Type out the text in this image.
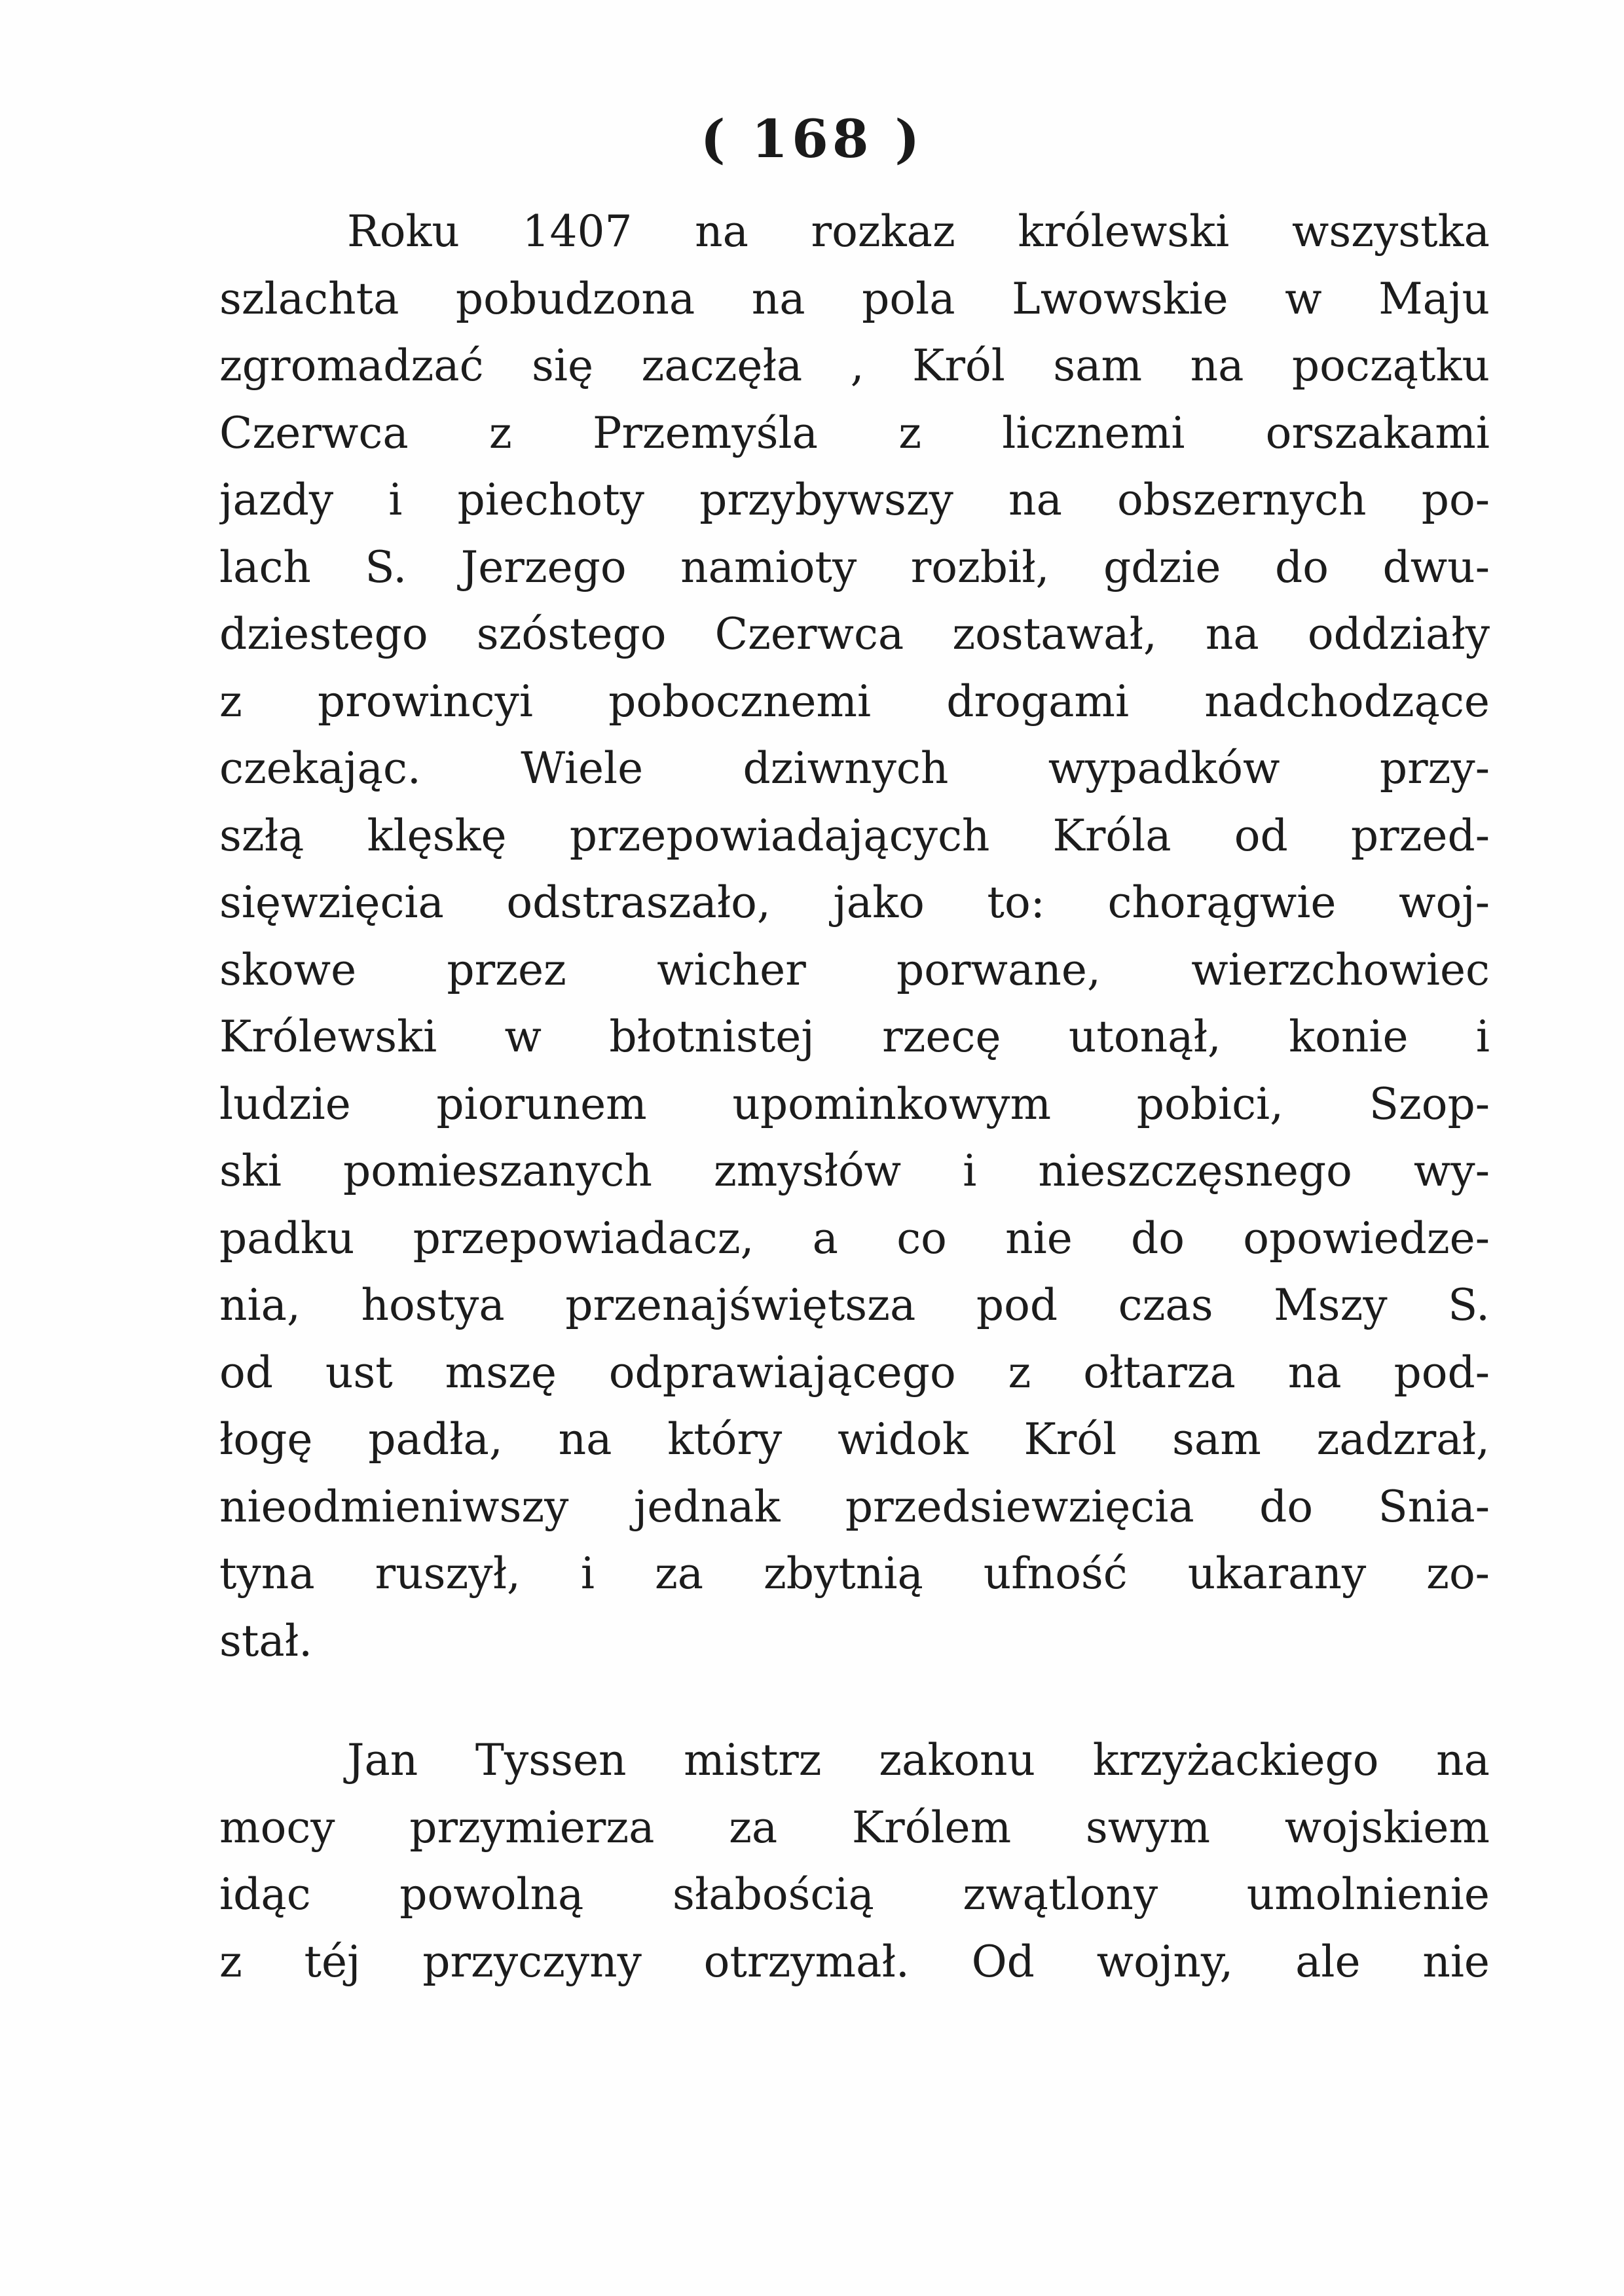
( 168 )
Roku 1407 na rozkaz królewski wszystka
szlachta pobudzona na pola Lwowskie w Maju
zgromadzać się zaczęła , Król sam na początku
Czerwca z Przemyśla z licznemi orszakami
jazdy i piechoty przybywszy na obszernych po-
lach S. Jerzego namioty rozbił, gdzie do dwu-
dziestego szóstego Czerwca zostawał, na oddziały
z prowincyi pobocznemi drogami nadchodzące
czekając. Wiele dziwnych wypadków przy-
szłą klęskę przepowiadających Króla od przed-
sięwzięcia odstraszało, jako to: chorągwie woj-
skowe przez wicher porwane, wierzchowiec
Królewski w błotnistej rzecę utonął, konie i
ludzie piorunem upominkowym pobici, Szop-
ski pomieszanych zmysłów i nieszczęsnego wy-
padku przepowiadacz, a co nie do opowiedze-
nia, hostya przenajświętsza pod czas Mszy S.
od ust mszę odprawiającego z ołtarza na pod-
łogę padła, na który widok Król sam zadzrał,
nieodmieniwszy jednak przedsiewzięcia do Snia-
tyna ruszył, i za zbytnią ufność ukarany zo-
stał.
Jan Tyssen mistrz zakonu krzyżackiego na
mocy przymierza za Królem swym wojskiem
idąc powolną słabością zwątlony umolnienie
z téj przyczyny otrzymał. Od wojny, ale nie
